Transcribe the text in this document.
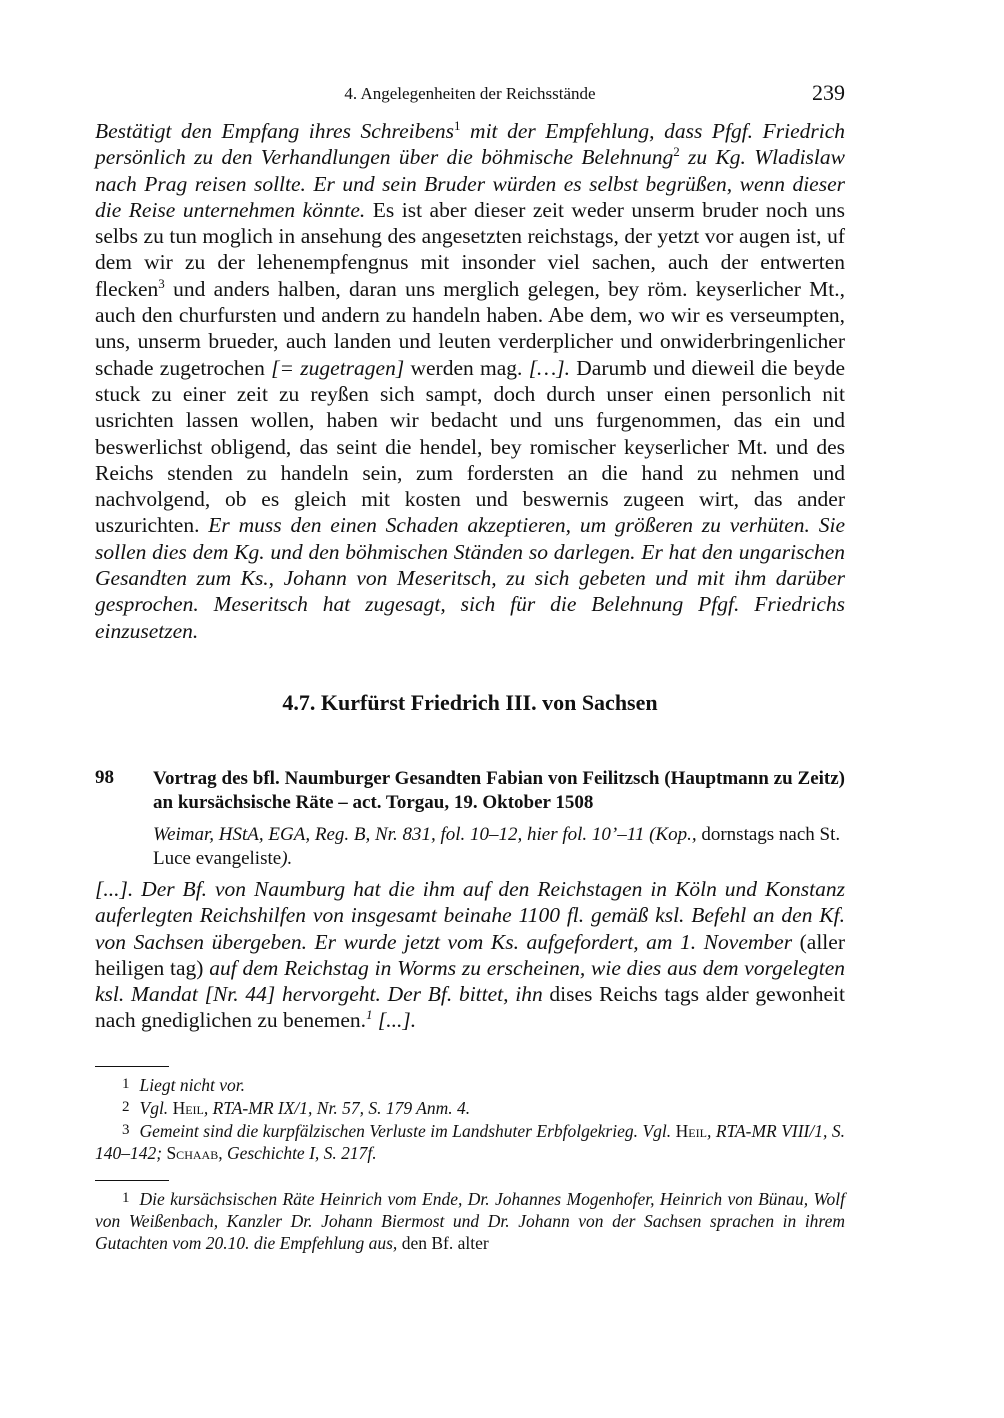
4. Angelegenheiten der Reichsstände	239

Bestätigt den Empfang ihres Schreibens$^1$ mit der Empfehlung, dass Pfgf. Friedrich persönlich zu den Verhandlungen über die böhmische Belehnung$^2$ zu Kg. Wladislaw nach Prag reisen sollte. Er und sein Bruder würden es selbst begrüßen, wenn dieser die Reise unternehmen könnte. Es ist aber dieser zeit weder unserm bruder noch uns selbs zu tun moglich in ansehung des angesetzten reichstags, der yetzt vor augen ist, uf dem wir zu der lehenempfengnus mit insonder viel sachen, auch der entwerten flecken$^3$ und anders halben, daran uns merglich gelegen, bey röm. keyserlicher Mt., auch den churfursten und andern zu handeln haben. Abe dem, wo wir es verseumpten, uns, unserm brueder, auch landen und leuten verderplicher und onwiderbringenlicher schade zugetrochen [= zugetragen] werden mag. […]. Darumb und dieweil die beyde stuck zu einer zeit zu reyßen sich sampt, doch durch unser einen personlich nit usrichten lassen wollen, haben wir bedacht und uns furgenommen, das ein und beswerlichst obligend, das seint die hendel, bey romischer keyserlicher Mt. und des Reichs stenden zu handeln sein, zum fordersten an die hand zu nehmen und nachvolgend, ob es gleich mit kosten und beswernis zugeen wirt, das ander uszurichten. Er muss den einen Schaden akzeptieren, um größeren zu verhüten. Sie sollen dies dem Kg. und den böhmischen Ständen so darlegen. Er hat den ungarischen Gesandten zum Ks., Johann von Meseritsch, zu sich gebeten und mit ihm darüber gesprochen. Meseritsch hat zugesagt, sich für die Belehnung Pfgf. Friedrichs einzusetzen.

4.7. Kurfürst Friedrich III. von Sachsen
98 Vortrag des bfl. Naumburger Gesandten Fabian von Feilitzsch (Hauptmann zu Zeitz) an kursächsische Räte – act. Torgau, 19. Oktober 1508
Weimar, HStA, EGA, Reg. B, Nr. 831, fol. 10–12, hier fol. 10’–11 (Kop., dornstags nach St. Luce evangeliste).

[...]. Der Bf. von Naumburg hat die ihm auf den Reichstagen in Köln und Konstanz auferlegten Reichshilfen von insgesamt beinahe 1100 fl. gemäß ksl. Befehl an den Kf. von Sachsen übergeben. Er wurde jetzt vom Ks. aufgefordert, am 1. November (aller heiligen tag) auf dem Reichstag in Worms zu erscheinen, wie dies aus dem vorgelegten ksl. Mandat [Nr. 44] hervorgeht. Der Bf. bittet, ihn dises Reichs tags alder gewonheit nach gnediglichen zu benemen.$^1$ [...].

1 Liegt nicht vor.
2 Vgl. Heil, RTA-MR IX/1, Nr. 57, S. 179 Anm. 4.
3 Gemeint sind die kurpfälzischen Verluste im Landshuter Erbfolgekrieg. Vgl. Heil, RTA-MR VIII/1, S. 140–142; Schaab, Geschichte I, S. 217f.
1 Die kursächsischen Räte Heinrich vom Ende, Dr. Johannes Mogenhofer, Heinrich von Bünau, Wolf von Weißenbach, Kanzler Dr. Johann Biermost und Dr. Johann von der Sachsen sprachen in ihrem Gutachten vom 20.10. die Empfehlung aus, den Bf. alter
